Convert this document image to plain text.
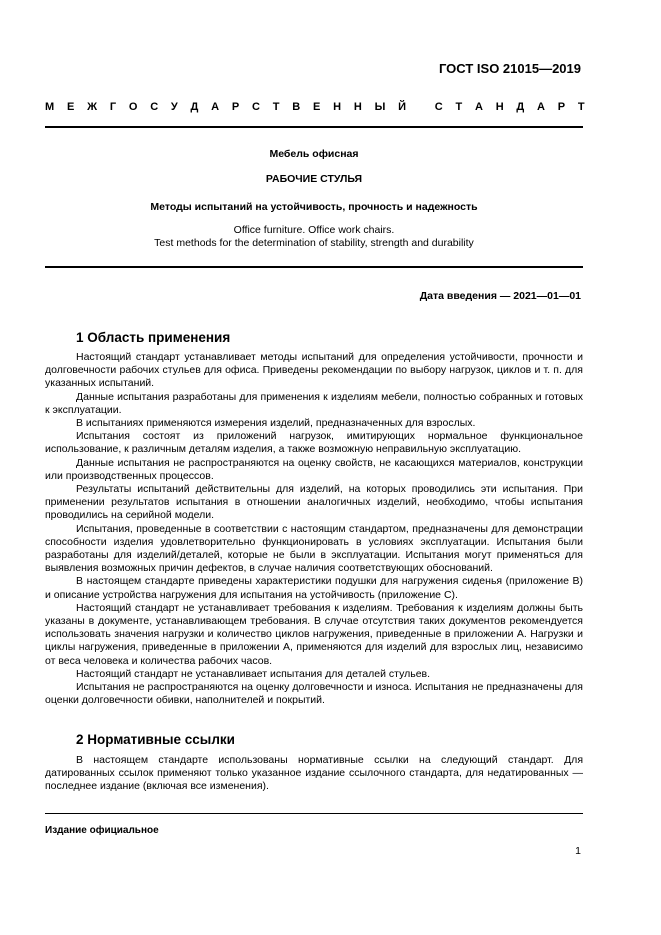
ГОСТ ISO 21015—2019
М Е Ж Г О С У Д А Р С Т В Е Н Н Ы Й
	С Т А Н Д А Р Т
Мебель офисная
РАБОЧИЕ СТУЛЬЯ
Методы испытаний на устойчивость, прочность и надежность
Office furniture. Office work chairs.
Test methods for the determination of stability, strength and durability
Дата введения — 2021—01—01
1 Область применения

Настоящий стандарт устанавливает методы испытаний для определения устойчивости, прочности и долговечности рабочих стульев для офиса. Приведены рекомендации по выбору нагрузок, циклов и т. п. для указанных испытаний.

Данные испытания разработаны для применения к изделиям мебели, полностью собранных и готовых к эксплуатации.

В испытаниях применяются измерения изделий, предназначенных для взрослых.

Испытания состоят из приложений нагрузок, имитирующих нормальное функциональное использование, к различным деталям изделия, а также возможную неправильную эксплуатацию.

Данные испытания не распространяются на оценку свойств, не касающихся материалов, конструкции или производственных процессов.

Результаты испытаний действительны для изделий, на которых проводились эти испытания. При применении результатов испытания в отношении аналогичных изделий, необходимо, чтобы испытания проводились на серийной модели.

Испытания, проведенные в соответствии с настоящим стандартом, предназначены для демонстрации способности изделия удовлетворительно функционировать в условиях эксплуатации. Испытания были разработаны для изделий/деталей, которые не были в эксплуатации. Испытания могут применяться для выявления возможных причин дефектов, в случае наличия соответствующих обоснований.

В настоящем стандарте приведены характеристики подушки для нагружения сиденья (приложение В) и описание устройства нагружения для испытания на устойчивость (приложение С).

Настоящий стандарт не устанавливает требования к изделиям. Требования к изделиям должны быть указаны в документе, устанавливающем требования. В случае отсутствия таких документов рекомендуется использовать значения нагрузки и количество циклов нагружения, приведенные в приложении А. Нагрузки и циклы нагружения, приведенные в приложении А, применяются для изделий для взрослых лиц, независимо от веса человека и количества рабочих часов.

Настоящий стандарт не устанавливает испытания для деталей стульев.

Испытания не распространяются на оценку долговечности и износа. Испытания не предназначены для оценки долговечности обивки, наполнителей и покрытий.

2 Нормативные ссылки

В настоящем стандарте использованы нормативные ссылки на следующий стандарт. Для датированных ссылок применяют только указанное издание ссылочного стандарта, для недатированных — последнее издание (включая все изменения).

Издание официальное
1
